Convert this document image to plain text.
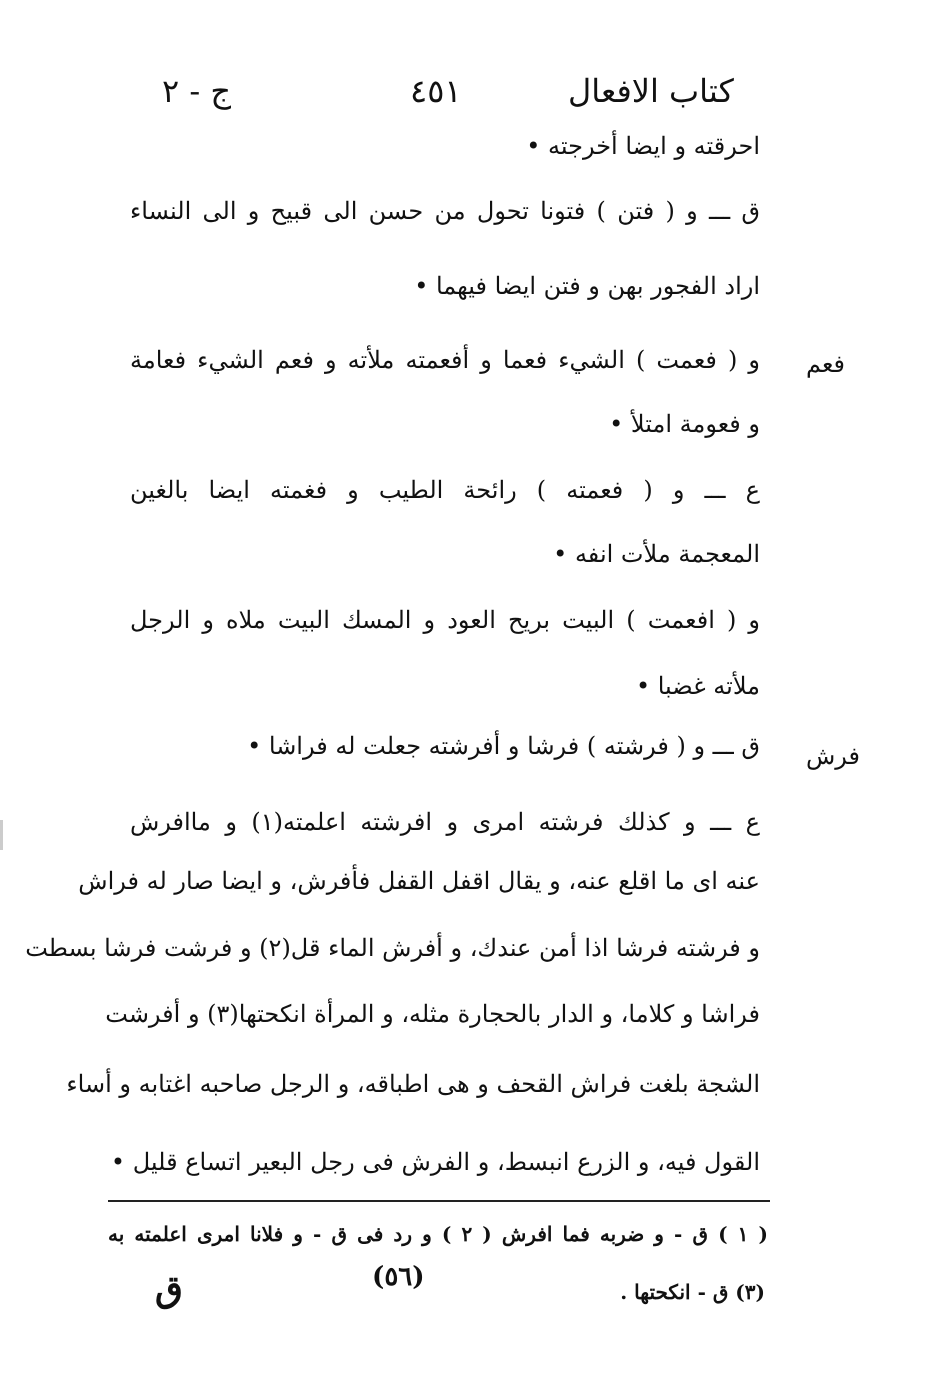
كتاب الافعال
٤٥١
ج - ٢
فعم
فرش
احرقته و ايضا أخرجته •
ق ـــ و ( فتن ) فتونا تحول من حسن الى قبيح و الى النساء
اراد الفجور بهن و فتن ايضا فيهما •
و ( فعمت ) الشيء فعما و أفعمته ملأته و فعم الشيء فعامة
و فعومة امتلأ •
ع ـــ و ( فعمته ) رائحة الطيب و فغمته ايضا بالغين
المعجمة ملأت انفه •
و ( افعمت ) البيت بريح العود و المسك البيت ملاه و الرجل
ملأته غضبا •
ق ـــ و ( فرشته ) فرشا و أفرشته جعلت له فراشا •
ع ـــ و كذلك فرشته امرى و افرشته اعلمته(١) و ماافرش
عنه اى ما اقلع عنه، و يقال اقفل القفل فأفرش، و ايضا صار له فراش
و فرشته فرشا اذا أمن عندك، و أفرش الماء قل(٢) و فرشت فرشا بسطت
فراشا و كلاما، و الدار بالحجارة مثله، و المرأة انكحتها(٣) و أفرشت
الشجة بلغت فراش القحف و هى اطباقه، و الرجل صاحبه اغتابه و أساء
القول فيه، و الزرع انبسط، و الفرش فى رجل البعير اتساع قليل •
( ١ ) ق - و ضربه فما افرش ( ٢ ) و رد فى ق - و فلانا امرى اعلمته به
(٣) ق - انكحتها .
(٥٦)
ق
